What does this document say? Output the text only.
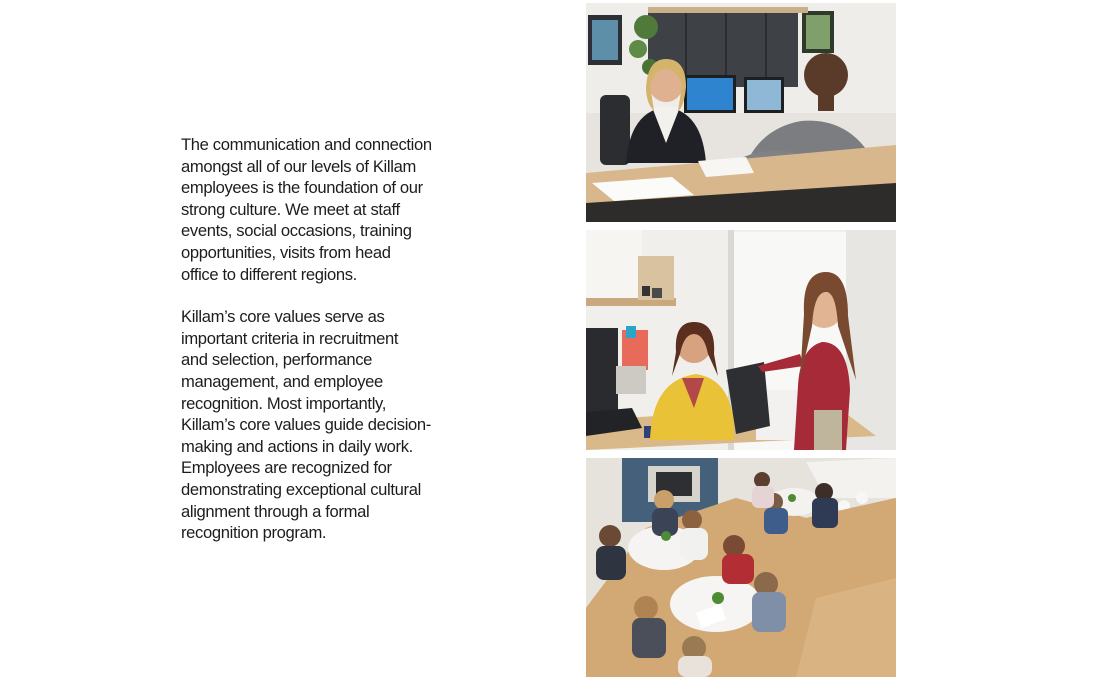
The communication and connection
amongst all of our levels of Killam
employees is the foundation of our
strong culture. We meet at staff
events, social occasions, training
opportunities, visits from head
office to different regions.

Killam’s core values serve as
important criteria in recruitment
and selection, performance
management, and employee
recognition. Most importantly,
Killam’s core values guide decision-
making and actions in daily work.
Employees are recognized for
demonstrating exceptional cultural
alignment through a formal
recognition program.
